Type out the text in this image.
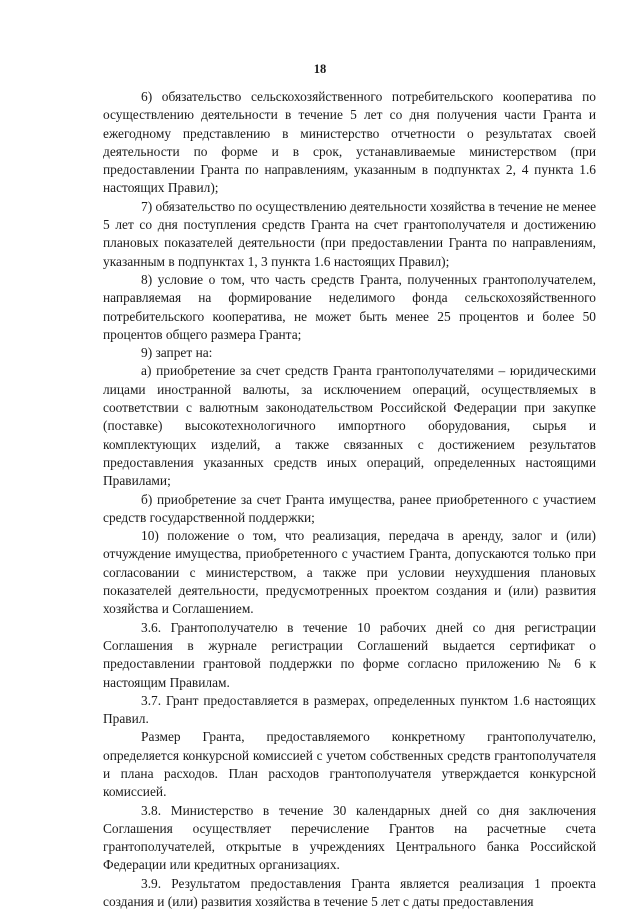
18

6) обязательство сельскохозяйственного потребительского кооператива по осуществлению деятельности в течение 5 лет со дня получения части Гранта и ежегодному представлению в министерство отчетности о результатах своей деятельности по форме и в срок, устанавливаемые министерством (при предоставлении Гранта по направлениям, указанным в подпунктах 2, 4 пункта 1.6 настоящих Правил);

7) обязательство по осуществлению деятельности хозяйства в течение не менее 5 лет со дня поступления средств Гранта на счет грантополучателя и достижению плановых показателей деятельности (при предоставлении Гранта по направлениям, указанным в подпунктах 1, 3 пункта 1.6 настоящих Правил);

8) условие о том, что часть средств Гранта, полученных грантополучателем, направляемая на формирование неделимого фонда сельскохозяйственного потребительского кооператива, не может быть менее 25 процентов и более 50 процентов общего размера Гранта;

9) запрет на:

а) приобретение за счет средств Гранта грантополучателями – юридическими лицами иностранной валюты, за исключением операций, осуществляемых в соответствии с валютным законодательством Российской Федерации при закупке (поставке) высокотехнологичного импортного оборудования, сырья и комплектующих изделий, а также связанных с достижением результатов предоставления указанных средств иных операций, определенных настоящими Правилами;

б) приобретение за счет Гранта имущества, ранее приобретенного с участием средств государственной поддержки;

10) положение о том, что реализация, передача в аренду, залог и (или) отчуждение имущества, приобретенного с участием Гранта, допускаются только при согласовании с министерством, а также при условии неухудшения плановых показателей деятельности, предусмотренных проектом создания и (или) развития хозяйства и Соглашением.

3.6. Грантополучателю в течение 10 рабочих дней со дня регистрации Соглашения в журнале регистрации Соглашений выдается сертификат о предоставлении грантовой поддержки по форме согласно приложению № 6 к настоящим Правилам.

3.7. Грант предоставляется в размерах, определенных пунктом 1.6 настоящих Правил.

Размер Гранта, предоставляемого конкретному грантополучателю, определяется конкурсной комиссией с учетом собственных средств грантополучателя и плана расходов. План расходов грантополучателя утверждается конкурсной комиссией.

3.8. Министерство в течение 30 календарных дней со дня заключения Соглашения осуществляет перечисление Грантов на расчетные счета грантополучателей, открытые в учреждениях Центрального банка Российской Федерации или кредитных организациях.

3.9. Результатом предоставления Гранта является реализация 1 проекта создания и (или) развития хозяйства в течение 5 лет с даты предоставления
